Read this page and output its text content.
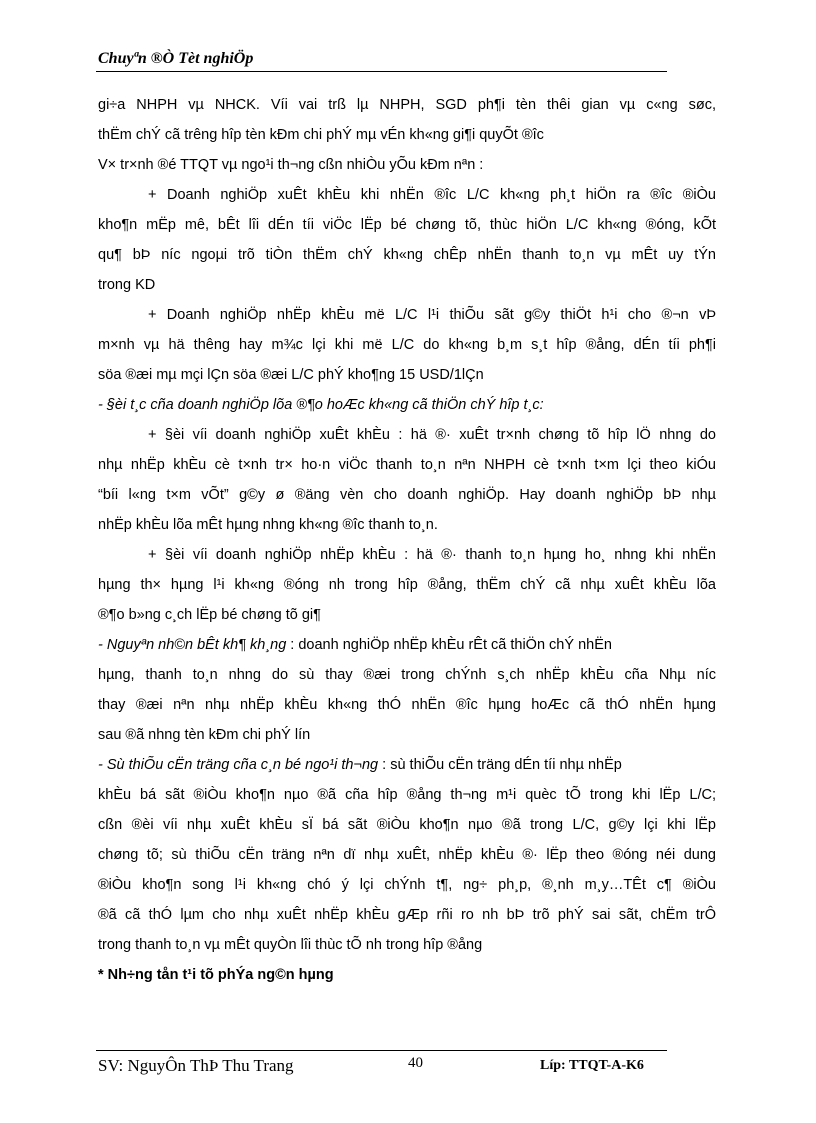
Chuyªn ®Ò Tèt nghiÖp
gi÷a NHPH vµ NHCK. Víi vai trß lµ NHPH, SGD ph¶i tèn thêi gian vµ c«ng søc,
thËm chÝ cã trêng hîp tèn kÐm chi phÝ mµ vÉn kh«ng gi¶i quyÕt ®îc
V× tr×nh ®é TTQT vµ ngo¹i th¬ng cßn nhiÒu yÕu kÐm nªn :
+ Doanh nghiÖp xuÊt khÈu khi nhËn ®îc L/C kh«ng ph¸t hiÖn ra ®îc ®iÒu
kho¶n mËp mê, bÊt lîi dÉn tíi viÖc lËp bé chøng tõ, thùc hiÖn L/C kh«ng ®óng, kÕt
qu¶ bÞ níc ngoµi trõ tiÒn thËm chÝ kh«ng chÊp nhËn thanh to¸n vµ mÊt uy tÝn
trong KD
+ Doanh nghiÖp nhËp khÈu më L/C l¹i thiÕu sãt g©y thiÖt h¹i cho ®¬n vÞ
m×nh vµ hä thêng hay m¾c lçi khi më L/C do kh«ng b¸m s¸t hîp ®ång, dÉn tíi ph¶i
söa ®æi mµ mçi lÇn söa ®æi L/C phÝ kho¶ng 15 USD/1lÇn
- §èi t¸c cña doanh nghiÖp lõa ®¶o hoÆc kh«ng cã thiÖn chÝ hîp t¸c:
+ §èi víi doanh nghiÖp xuÊt khÈu : hä ®· xuÊt tr×nh chøng tõ hîp lÖ nhng do
nhµ nhËp khÈu cè t×nh tr× ho·n viÖc thanh to¸n nªn NHPH cè t×nh t×m lçi theo kiÓu
“bíi l«ng t×m vÕt” g©y ø ®äng vèn cho doanh nghiÖp. Hay doanh nghiÖp bÞ nhµ
nhËp khÈu lõa mÊt hµng nhng kh«ng ®îc thanh to¸n.
+ §èi víi doanh nghiÖp nhËp khÈu : hä ®· thanh to¸n hµng ho¸ nhng khi nhËn
hµng th× hµng l¹i kh«ng ®óng nh trong hîp ®ång, thËm chÝ cã nhµ xuÊt khÈu lõa
®¶o b»ng c¸ch lËp bé chøng tõ gi¶
- Nguyªn nh©n bÊt kh¶ kh¸ng : doanh nghiÖp nhËp khÈu rÊt cã thiÖn chÝ nhËn
hµng, thanh to¸n nhng do sù thay ®æi trong chÝnh s¸ch nhËp khÈu cña Nhµ níc
thay ®æi nªn nhµ nhËp khÈu kh«ng thÓ nhËn ®îc hµng hoÆc cã thÓ nhËn hµng
sau ®ã nhng tèn kÐm chi phÝ lín
- Sù thiÕu cËn träng cña c¸n bé ngo¹i th¬ng : sù thiÕu cËn träng dÉn tíi nhµ nhËp
khÈu bá sãt ®iÒu kho¶n nµo ®ã cña hîp ®ång th¬ng m¹i quèc tÕ trong khi lËp L/C;
cßn ®èi víi nhµ xuÊt khÈu sÏ bá sãt ®iÒu kho¶n nµo ®ã trong L/C, g©y lçi khi lËp
chøng tõ; sù thiÕu cËn träng nªn dï nhµ xuÊt, nhËp khÈu ®· lËp theo ®óng néi dung
®iÒu kho¶n song l¹i kh«ng chó ý lçi chÝnh t¶, ng÷ ph¸p, ®¸nh m¸y…TÊt c¶ ®iÒu
®ã cã thÓ lµm cho nhµ xuÊt nhËp khÈu gÆp rñi ro nh bÞ trõ phÝ sai sãt, chËm trÔ
trong thanh to¸n vµ mÊt quyÒn lîi thùc tÕ nh trong hîp ®ång
* Nh÷ng tån t¹i tõ phÝa ng©n hµng
SV: NguyÔn ThÞ Thu Trang	40	Líp: TTQT-A-K6
